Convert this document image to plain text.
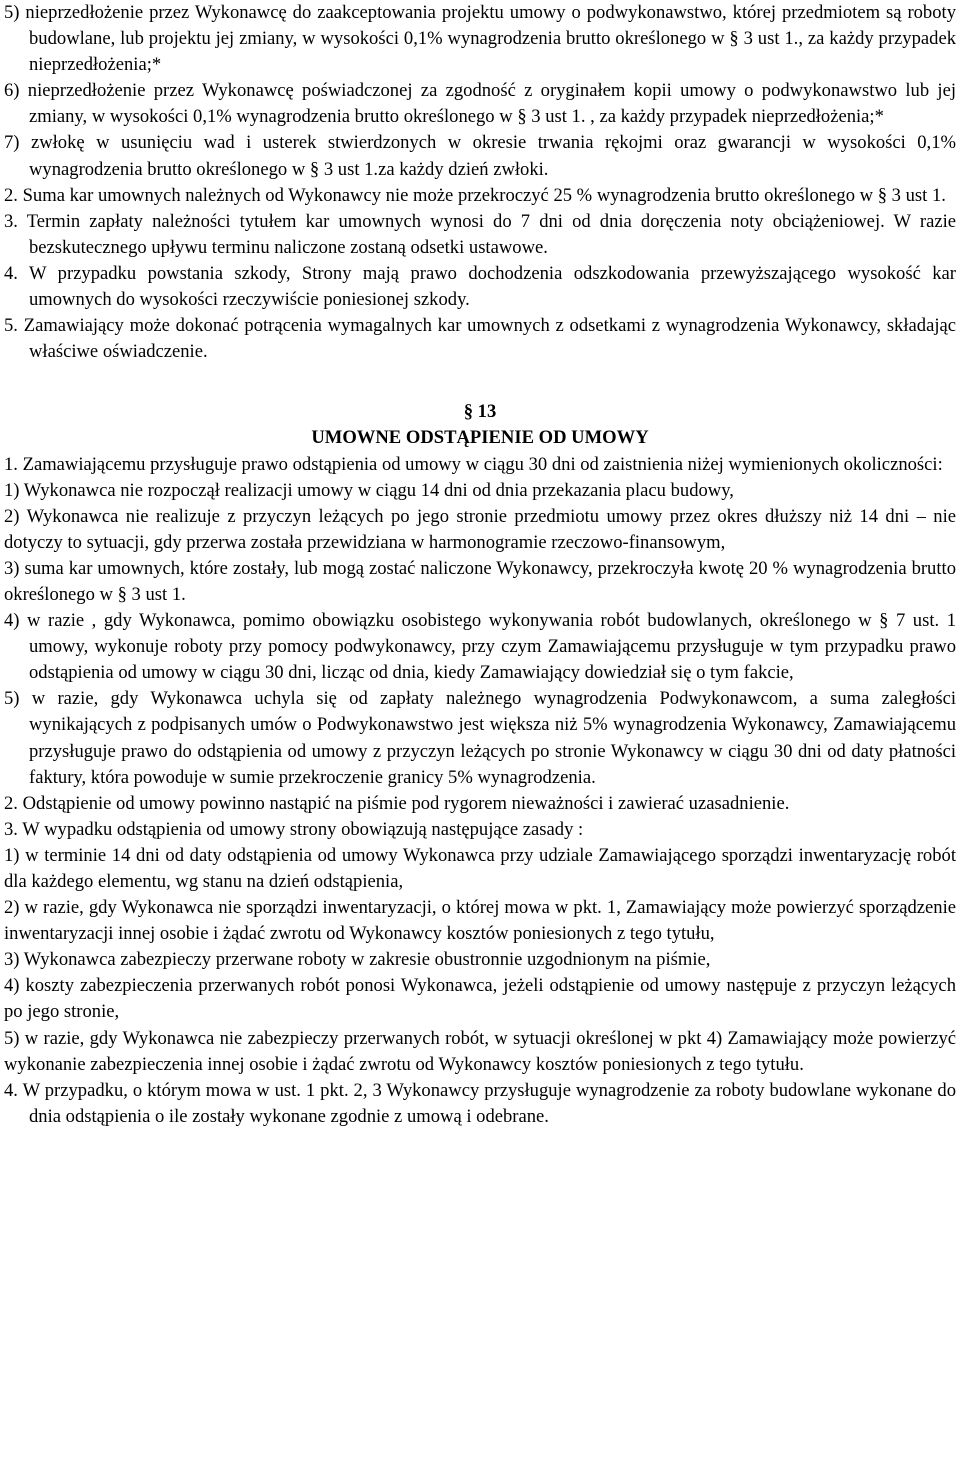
5) nieprzedłożenie przez Wykonawcę do zaakceptowania projektu umowy o podwykonawstwo, której przedmiotem są roboty budowlane, lub projektu jej zmiany, w wysokości 0,1% wynagrodzenia brutto określonego w § 3 ust 1., za każdy przypadek nieprzedłożenia;*

6) nieprzedłożenie przez Wykonawcę poświadczonej za zgodność z oryginałem kopii umowy o podwykonawstwo lub jej zmiany, w wysokości 0,1% wynagrodzenia brutto określonego w § 3 ust 1. , za każdy przypadek nieprzedłożenia;*

7) zwłokę w usunięciu wad i usterek stwierdzonych w okresie trwania rękojmi oraz gwarancji w wysokości 0,1% wynagrodzenia brutto określonego w § 3 ust 1.za każdy dzień zwłoki.

2. Suma kar umownych należnych od Wykonawcy nie może przekroczyć 25 % wynagrodzenia brutto określonego w § 3 ust 1.

3. Termin zapłaty należności tytułem kar umownych wynosi do 7 dni od dnia doręczenia noty obciążeniowej. W razie bezskutecznego upływu terminu naliczone zostaną odsetki ustawowe.

4. W przypadku powstania szkody, Strony mają prawo dochodzenia odszkodowania przewyższającego wysokość kar umownych do wysokości rzeczywiście poniesionej szkody.

5. Zamawiający może dokonać potrącenia wymagalnych kar umownych z odsetkami z wynagrodzenia Wykonawcy, składając właściwe oświadczenie.

§ 13

UMOWNE ODSTĄPIENIE OD UMOWY

1. Zamawiającemu przysługuje prawo odstąpienia od umowy w ciągu 30 dni od zaistnienia niżej wymienionych okoliczności:

1) Wykonawca nie rozpoczął realizacji umowy w ciągu 14 dni od dnia przekazania placu budowy,

2) Wykonawca nie realizuje z przyczyn leżących po jego stronie przedmiotu umowy przez okres dłuższy niż 14 dni – nie dotyczy to sytuacji, gdy przerwa została przewidziana w harmonogramie rzeczowo-finansowym,

3) suma kar umownych, które zostały, lub mogą zostać naliczone Wykonawcy, przekroczyła kwotę 20 % wynagrodzenia brutto określonego w § 3 ust 1.

4) w razie , gdy Wykonawca, pomimo obowiązku osobistego wykonywania robót budowlanych, określonego w § 7 ust. 1 umowy, wykonuje roboty przy pomocy podwykonawcy, przy czym Zamawiającemu przysługuje w tym przypadku prawo odstąpienia od umowy w ciągu 30 dni, licząc od dnia, kiedy Zamawiający dowiedział się o tym fakcie,

5) w razie, gdy Wykonawca uchyla się od zapłaty należnego wynagrodzenia Podwykonawcom, a suma zaległości wynikających z podpisanych umów o Podwykonawstwo jest większa niż 5% wynagrodzenia Wykonawcy, Zamawiającemu przysługuje prawo do odstąpienia od umowy z przyczyn leżących po stronie Wykonawcy w ciągu 30 dni od daty płatności faktury, która powoduje w sumie przekroczenie granicy 5% wynagrodzenia.

2. Odstąpienie od umowy powinno nastąpić na piśmie pod rygorem nieważności i zawierać uzasadnienie.

3. W wypadku odstąpienia od umowy strony obowiązują następujące zasady :

1) w terminie 14 dni od daty odstąpienia od umowy Wykonawca przy udziale Zamawiającego sporządzi inwentaryzację robót dla każdego elementu, wg stanu na dzień odstąpienia,

2) w razie, gdy Wykonawca nie sporządzi inwentaryzacji, o której mowa w pkt. 1, Zamawiający może powierzyć sporządzenie inwentaryzacji innej osobie i żądać zwrotu od Wykonawcy kosztów poniesionych z tego tytułu,

3) Wykonawca zabezpieczy przerwane roboty w zakresie obustronnie uzgodnionym na piśmie,

4) koszty zabezpieczenia przerwanych robót ponosi Wykonawca, jeżeli odstąpienie od umowy następuje z przyczyn leżących po jego stronie,

5) w razie, gdy Wykonawca nie zabezpieczy przerwanych robót, w sytuacji określonej w pkt 4) Zamawiający może powierzyć wykonanie zabezpieczenia innej osobie i żądać zwrotu od Wykonawcy kosztów poniesionych z tego tytułu.

4. W przypadku, o którym mowa w ust. 1 pkt. 2, 3 Wykonawcy przysługuje wynagrodzenie za roboty budowlane wykonane do dnia odstąpienia o ile zostały wykonane zgodnie z umową i odebrane.
